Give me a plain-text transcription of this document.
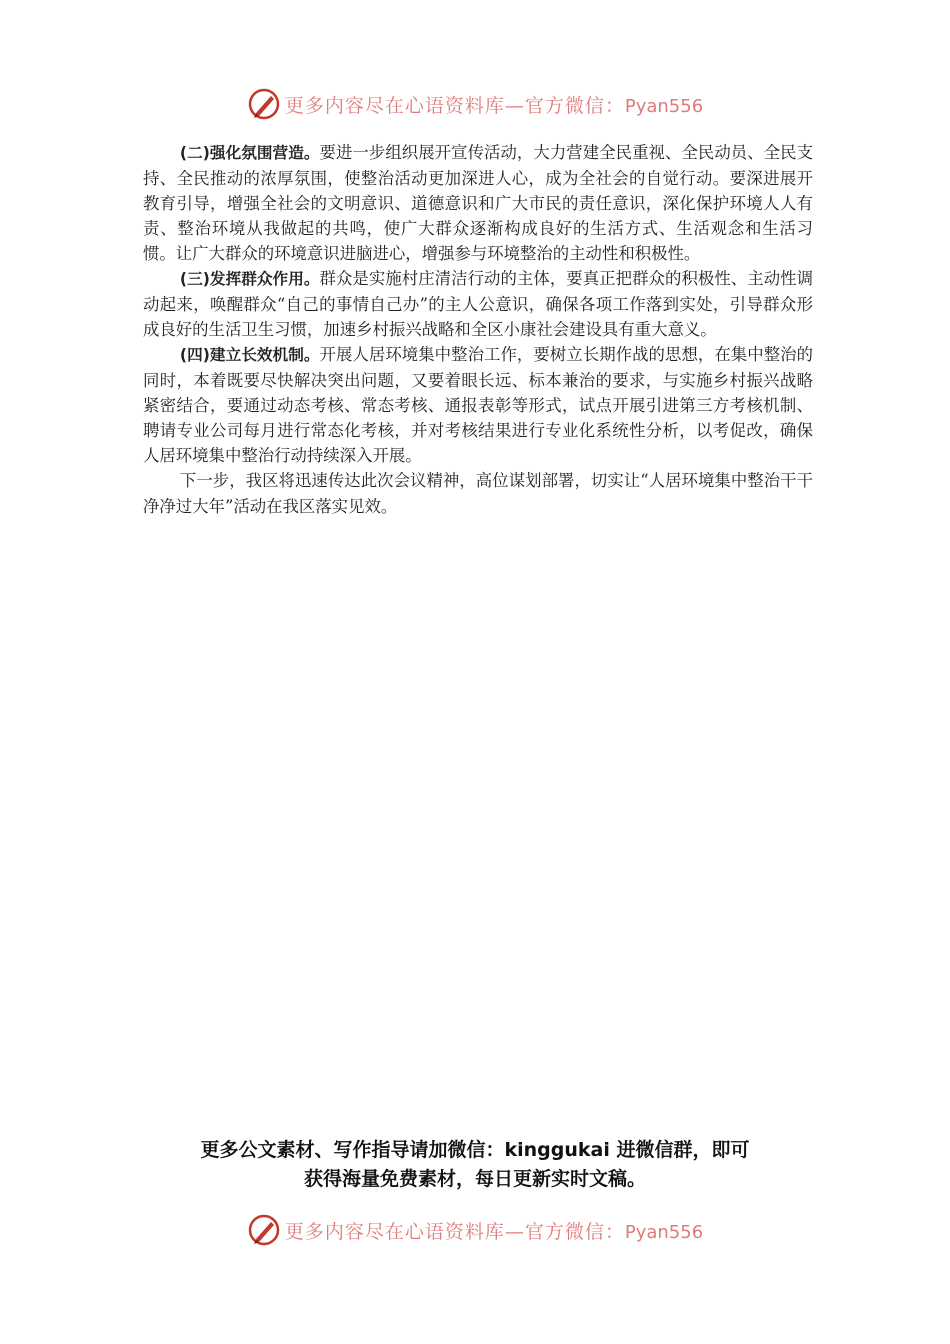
更多内容尽在心语资料库—官方微信：Pyan556

(二)强化氛围营造。要进一步组织展开宣传活动，大力营建全民重视、全民动员、全民支持、全民推动的浓厚氛围，使整治活动更加深进人心，成为全社会的自觉行动。要深进展开教育引导，增强全社会的文明意识、道德意识和广大市民的责任意识，深化保护环境人人有责、整治环境从我做起的共鸣，使广大群众逐渐构成良好的生活方式、生活观念和生活习惯。让广大群众的环境意识进脑进心，增强参与环境整治的主动性和积极性。

(三)发挥群众作用。群众是实施村庄清洁行动的主体，要真正把群众的积极性、主动性调动起来，唤醒群众“自己的事情自己办”的主人公意识，确保各项工作落到实处，引导群众形成良好的生活卫生习惯，加速乡村振兴战略和全区小康社会建设具有重大意义。

(四)建立长效机制。开展人居环境集中整治工作，要树立长期作战的思想，在集中整治的同时，本着既要尽快解决突出问题，又要着眼长远、标本兼治的要求，与实施乡村振兴战略紧密结合，要通过动态考核、常态考核、通报表彰等形式，试点开展引进第三方考核机制、聘请专业公司每月进行常态化考核，并对考核结果进行专业化系统性分析，以考促改，确保人居环境集中整治行动持续深入开展。

下一步，我区将迅速传达此次会议精神，高位谋划部署，切实让“人居环境集中整治干干净净过大年”活动在我区落实见效。

更多公文素材、写作指导请加微信：kinggukai 进微信群，即可
获得海量免费素材，每日更新实时文稿。
更多内容尽在心语资料库—官方微信：Pyan556
